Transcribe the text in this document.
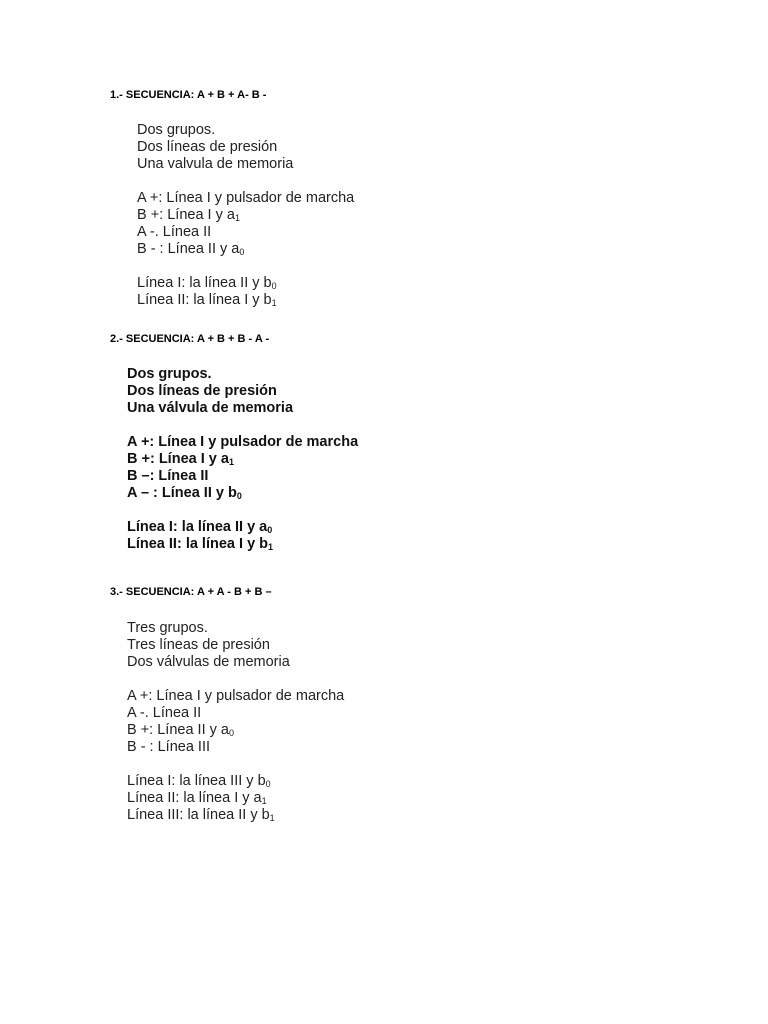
1.- SECUENCIA: A + B + A- B -
Dos grupos.
Dos líneas de presión
Una valvula de memoria
A +: Línea I y pulsador de marcha
B +: Línea I y $a_1$
A -. Línea II
B - : Línea II y $a_0$
Línea I: la línea II y $b_0$
Línea II: la línea I y $b_1$
2.- SECUENCIA: A + B + B - A -
Dos grupos.
Dos líneas de presión
Una válvula de memoria
A +: Línea I y pulsador de marcha
B +: Línea I y $a_1$
B –: Línea II
A – : Línea II y $b_0$
Línea I: la línea II y $a_0$
Línea II: la línea I y $b_1$
3.- SECUENCIA: A + A - B + B –
Tres grupos.
Tres líneas de presión
Dos válvulas de memoria
A +: Línea I y pulsador de marcha
A -. Línea II
B +: Línea II y $a_0$
B - : Línea III
Línea I: la línea III y $b_0$
Línea II: la línea I y $a_1$
Línea III: la línea II y $b_1$
